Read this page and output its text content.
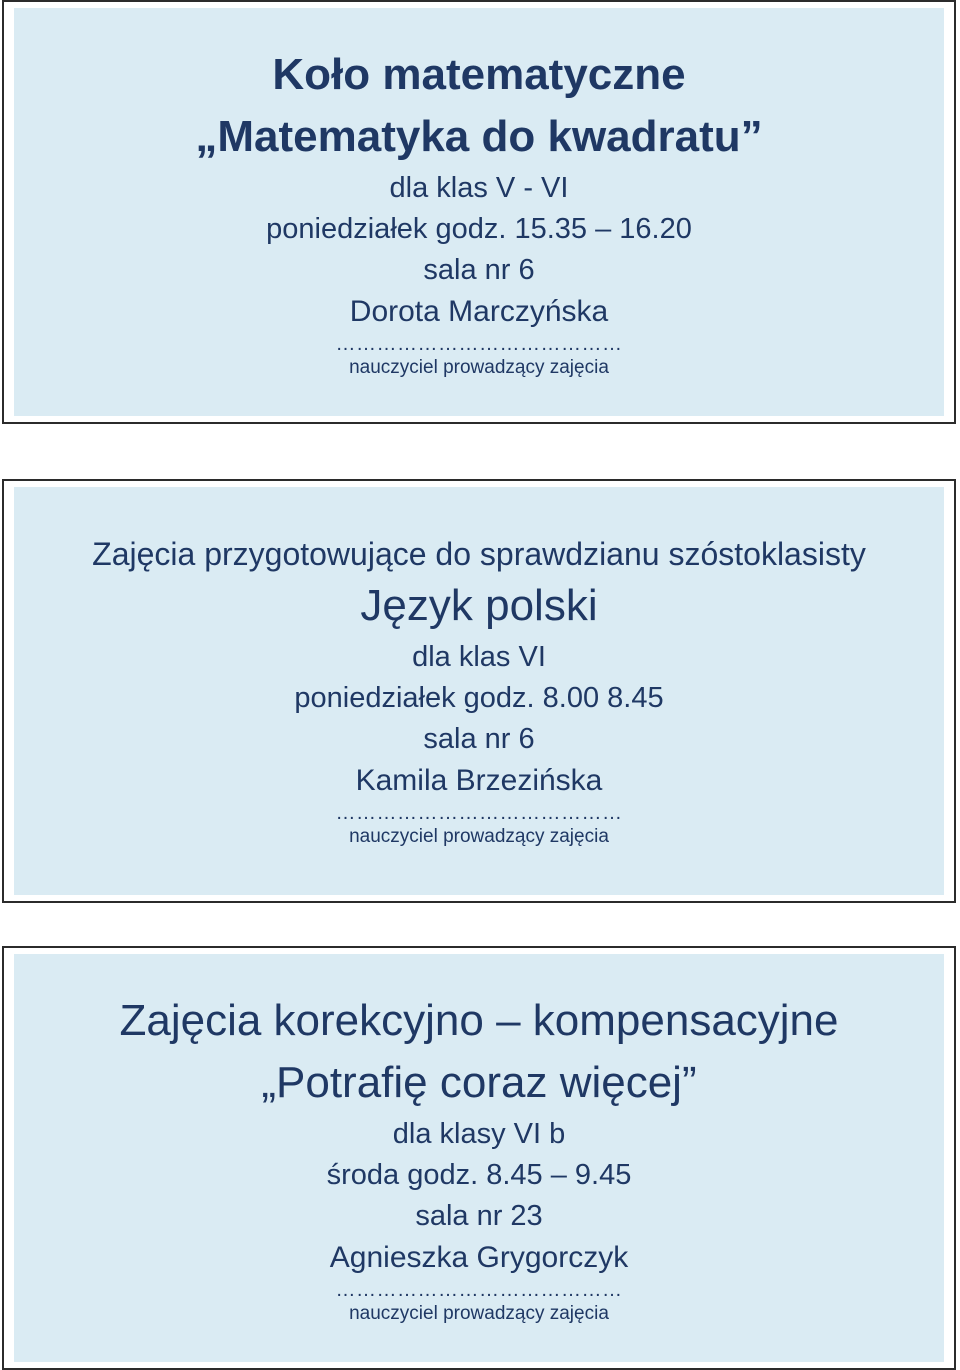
Koło matematyczne
„Matematyka do kwadratu”
dla klas V - VI
poniedziałek godz. 15.35 – 16.20
sala nr 6
Dorota Marczyńska
……………………………………
nauczyciel prowadzący zajęcia
Zajęcia przygotowujące do sprawdzianu szóstoklasisty
Język polski
dla klas VI
poniedziałek godz. 8.00 8.45
sala nr 6
Kamila Brzezińska
……………………………………
nauczyciel prowadzący zajęcia
Zajęcia korekcyjno – kompensacyjne
„Potrafię coraz więcej”
dla klasy VI b
środa godz. 8.45 – 9.45
sala nr 23
Agnieszka Grygorczyk
……………………………………
nauczyciel prowadzący zajęcia
